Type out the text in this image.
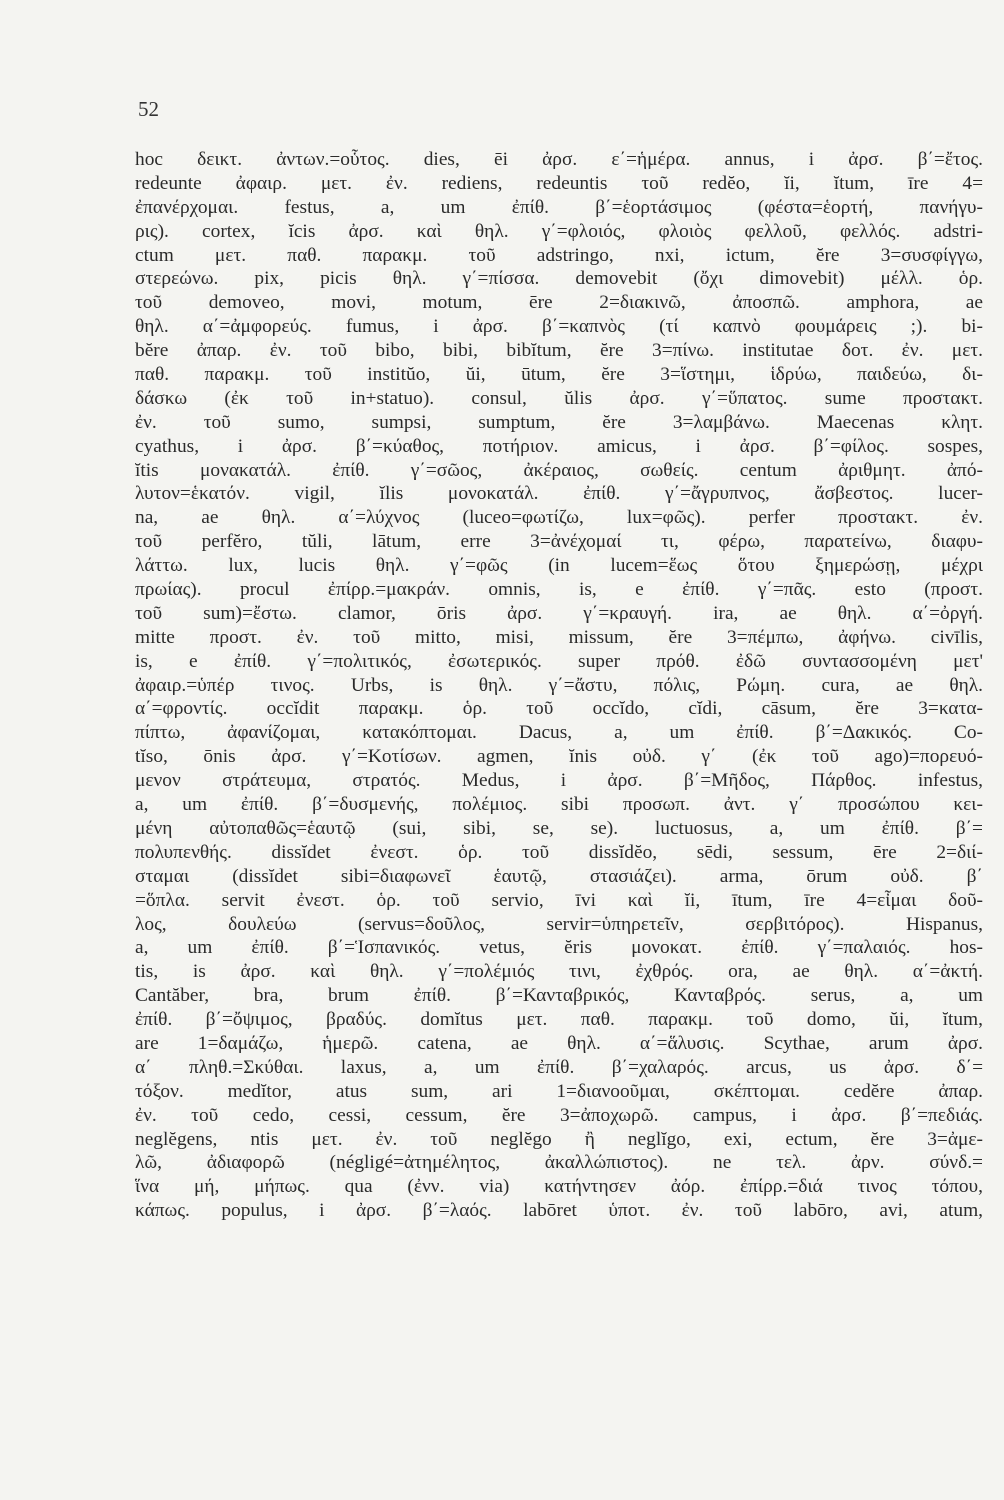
52
hoc δεικτ. ἀντων.=οὗτος. dies, ēi ἀρσ. ε΄=ἡμέρα. annus, i ἀρσ. β΄=ἔτος.
redeunte ἀφαιρ. μετ. ἐν. rediens, redeuntis τοῦ redĕo, ĭi, ĭtum, īre 4=
ἐπανέρχομαι. festus, a, um ἐπίθ. β΄=ἑορτάσιμος (φέστα=ἑορτή, πανήγυ-
ρις). cortex, ĭcis ἀρσ. καὶ θηλ. γ΄=φλοιός, φλοιὸς φελλοῦ, φελλός. adstri-
ctum μετ. παθ. παρακμ. τοῦ adstringo, nxi, ictum, ĕre 3=συσφίγγω,
στερεώνω. pix, picis θηλ. γ΄=πίσσα. demovebit (ὄχι dimovebit) μέλλ. ὁρ.
τοῦ demoveo, movi, motum, ēre 2=διακινῶ, ἀποσπῶ. amphora, ae
θηλ. α΄=ἀμφορεύς. fumus, i ἀρσ. β΄=καπνὸς (τί καπνὸ φουμάρεις ;). bi-
bĕre ἀπαρ. ἐν. τοῦ bibo, bibi, bibĭtum, ĕre 3=πίνω. institutae δοτ. ἐν. μετ.
παθ. παρακμ. τοῦ institŭo, ŭi, ūtum, ĕre 3=ἵστημι, ἱδρύω, παιδεύω, δι-
δάσκω (ἐκ τοῦ in+statuo). consul, ŭlis ἀρσ. γ΄=ὕπατος. sume προστακτ.
ἐν. τοῦ sumo, sumpsi, sumptum, ĕre 3=λαμβάνω. Maecenas κλητ.
cyathus, i ἀρσ. β΄=κύαθος, ποτήριον. amicus, i ἀρσ. β΄=φίλος. sospes,
ĭtis μονακατάλ. ἐπίθ. γ΄=σῶος, ἀκέραιος, σωθείς. centum ἀριθμητ. ἀπό-
λυτον=ἑκατόν. vigil, ĭlis μονοκατάλ. ἐπίθ. γ΄=ἄγρυπνος, ἄσβεστος. lucer-
na, ae θηλ. α΄=λύχνος (luceo=φωτίζω, lux=φῶς). perfer προστακτ. ἐν.
τοῦ perfĕro, tŭli, lātum, erre 3=ἀνέχομαί τι, φέρω, παρατείνω, διαφυ-
λάττω. lux, lucis θηλ. γ΄=φῶς (in lucem=ἕως ὅτου ξημερώσῃ, μέχρι
πρωίας). procul ἐπίρρ.=μακράν. omnis, is, e ἐπίθ. γ΄=πᾶς. esto (προστ.
τοῦ sum)=ἔστω. clamor, ōris ἀρσ. γ΄=κραυγή. ira, ae θηλ. α΄=ὀργή.
mitte προστ. ἐν. τοῦ mitto, misi, missum, ĕre 3=πέμπω, ἀφήνω. civīlis,
is, e ἐπίθ. γ΄=πολιτικός, ἐσωτερικός. super πρόθ. ἐδῶ συντασσομένη μετ'
ἀφαιρ.=ὑπέρ τινος. Urbs, is θηλ. γ΄=ἄστυ, πόλις, Ρώμη. cura, ae θηλ.
α΄=φροντίς. occĭdit παρακμ. ὁρ. τοῦ occĭdo, cĭdi, cāsum, ĕre 3=κατα-
πίπτω, ἀφανίζομαι, κατακόπτομαι. Dacus, a, um ἐπίθ. β΄=Δακικός. Co-
tĭso, ōnis ἀρσ. γ΄=Κοτίσων. agmen, ĭnis οὐδ. γ΄ (ἐκ τοῦ ago)=πορευό-
μενον στράτευμα, στρατός. Medus, i ἀρσ. β΄=Μῆδος, Πάρθος. infestus,
a, um ἐπίθ. β΄=δυσμενής, πολέμιος. sibi προσωπ. ἀντ. γ΄ προσώπου κει-
μένη αὐτοπαθῶς=ἑαυτῷ (sui, sibi, se, se). luctuosus, a, um ἐπίθ. β΄=
πολυπενθής. dissĭdet ἐνεστ. ὁρ. τοῦ dissĭdĕo, sēdi, sessum, ēre 2=διί-
σταμαι (dissĭdet sibi=διαφωνεῖ ἑαυτῷ, στασιάζει). arma, ōrum οὐδ. β΄
=ὅπλα. servit ἐνεστ. ὁρ. τοῦ servio, īvi καὶ ĭi, ītum, īre 4=εἶμαι δοῦ-
λος, δουλεύω (servus=δοῦλος, servir=ὑπηρετεῖν, σερβιτόρος). Hispanus,
a, um ἐπίθ. β΄=Ἱσπανικός. vetus, ĕris μονοκατ. ἐπίθ. γ΄=παλαιός. hos-
tis, is ἀρσ. καὶ θηλ. γ΄=πολέμιός τινι, ἐχθρός. ora, ae θηλ. α΄=ἀκτή.
Cantăber, bra, brum ἐπίθ. β΄=Κανταβρικός, Κανταβρός. serus, a, um
ἐπίθ. β΄=ὄψιμος, βραδύς. domĭtus μετ. παθ. παρακμ. τοῦ domo, ŭi, ĭtum,
are 1=δαμάζω, ἡμερῶ. catena, ae θηλ. α΄=ἅλυσις. Scythae, arum ἀρσ.
α΄ πληθ.=Σκύθαι. laxus, a, um ἐπίθ. β΄=χαλαρός. arcus, us ἀρσ. δ΄=
τόξον. medĭtor, atus sum, ari 1=διανοοῦμαι, σκέπτομαι. cedĕre ἀπαρ.
ἐν. τοῦ cedo, cessi, cessum, ĕre 3=ἀποχωρῶ. campus, i ἀρσ. β΄=πεδιάς.
neglĕgens, ntis μετ. ἐν. τοῦ neglĕgo ἢ neglĭgo, exi, ectum, ĕre 3=ἀμε-
λῶ, ἀδιαφορῶ (négligé=ἀτημέλητος, ἀκαλλώπιστος). ne τελ. ἀρν. σύνδ.=
ἵνα μή, μήπως. qua (ἐνν. via) κατήντησεν ἀόρ. ἐπίρρ.=διά τινος τόπου,
κάπως. populus, i ἀρσ. β΄=λαός. labōret ὑποτ. ἐν. τοῦ labōro, avi, atum,
